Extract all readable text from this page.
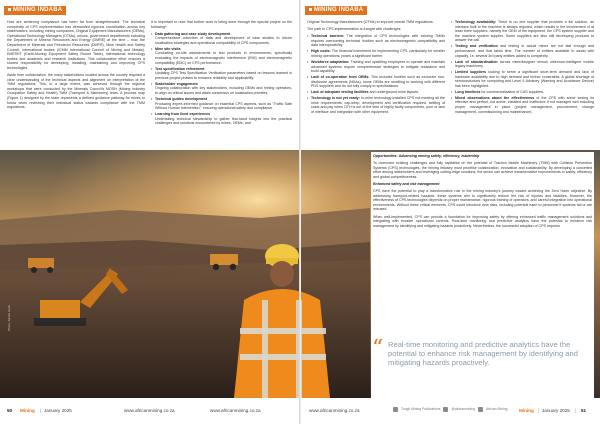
Photo: Adobe stock
MINING INDABA

How are achieving compliance has been far from straightforward. The technical complexity of CPS implementation has demanded rigorous coordination across key stakeholders, including mining companies, Original Equipment Manufacturers (OEMs), Operational Technology Managers (OTMs), unions, government departments including the Department of Mineral Resources and Energy (DMRE) at the time – now, the Department of Minerals and Petroleum Resources (DMPR), Mine Health and Safety Council, international bodies (ICMM International Council of Mining and Metals), EMESRT (Earth-Moving Equipment Safety Round Table), international technology bodies and academic and research institutions. This collaborative effort ensures a shared responsibility for developing, installing, maintaining and improving CPS technologies.

Aside from collaboration, the many stakeholders located across the country required a clear understanding of the technical aspects and alignment on interpretation of the TMM regulations. This, to a large extent, was achieved through the regional workshops that were conducted by the Minerals Council's MOSH (Mining Industry Occupation Safety and Health) TMM (Transport & Machinery) team. A process map (Figure 1) designed by the team represents a defined guidance pathway for mines to follow when reviewing their individual status towards compliance with the TMM regulations.

It is important to note that further work is being done through the special project on the following*:

• Data gathering and case study development
Comprehensive collection of data and development of case studies to inform localisation strategies and operational compatibility of CPS components.
• Mine site visits
Conducting on-site assessments to test products in environments, specifically evaluating the impacts of electromagnetic interference (EMI) and electromagnetic compatibility (EMC) on CPS performance.
• Test specification refinement
Updating CPS Test Specification Verification parameters based on lessons learned in previous project phases to enhance reliability and applicability.
• Stakeholder engagement
Ongoing collaboration with key stakeholders, including OEMs and mining operators, to align on critical issues and attain consensus on localisation priorities.
• Technical guides development
Producing expert-informed guidance on essential CPS aspects, such as "Traffic Safe Without Human Intervention," ensuring operational safety and compliance.
• Learning from lived experiences
Undertaking technical stewardship to gather first-hand insights into the practical challenges and solutions encountered by mines, OEMs, and
50 Mining | January 2025	www.africanmining.co.za	www.africanmining.co.za
MINING INDABA

Original Technology Manufacturers (OTMs) to improve overall TMM regulations.

The path to CPS implementation is fraught with challenges:

• Technical barriers: The integration of CPS technologies with existing TMMs requires overcoming technical hurdles such as electromagnetic compatibility and data interoperability.
• High costs: The financial investment for implementing CPS, particularly for smaller mining operations, poses a significant barrier.
• Workforce adaptation: Training and upskilling employees to operate and maintain advanced systems require comprehensive strategies to mitigate resistance and build capability.
• Lack of co-operation from OEMs: This includes hurdles such as exclusive non-disclosure agreements (NDAs), some OEMs are unwilling to working with different PDS suppliers and do not fully comply to specifications.
• Lack of adequate testing facilities and underground mine layouts.
• Technology is not yet ready: In-mine technology installed CPS not meeting all the mine requirements, cap-keep, development and certification required, settling of costs and pay when OTH is out of the time of highly faulty components, poor or lack of interface and integration with other equipment.
• Technology availability: There is no one supplier that provides a full solution, an interface built to the machine is always required, which results in the involvement of at least three suppliers, namely the OEM of the equipment, the CPS system supplier and the machine system supplier. Some suppliers are also still developing products to answer the call.
• Testing and verification and testing in actual mines are not fast enough and performance, and that takes time. The number of entities available to assist with capacity, i.e. several 3rd party entities added to complexity.
• Lack of standardisation across mine/designer versus older/non-intelligent mobile legacy machinery.
• Limited suppliers looking to serve a significant short-term demand and lack of hardware availability due to high demand and further constraints. A global shortage of semiconductors for computing and Level 9 Advisory (Warning and Avoidance Device) has been highlighted.
• Long timelines for commercialisation of CAS suppliers.
• Mixed observations about the effectiveness of the CPS with some seeing its effective and perfect, not active, installed and ineffective if not managed well including proper management in place (project management, procurement, change management, commissioning and maintenance).
www.africanmining.co.za	Tough Mining Publications	@africanmining	African Mining	Mining | January 2025 | 51

Opportunities: Advancing mining safety, efficiency, leadership

To overcome existing challenges and fully capitalise on the potential of Traction Mobile Machinery (TMM) with Collision Prevention Systems (CPS) technologies, the mining industry must prioritise collaboration, innovation and sustainability. By developing a concerted effort among stakeholders and leveraging cutting-edge solutions, the sector can achieve transformative improvements in safety, efficiency and global competitiveness.

Enhanced safety and risk management

CPS have the potential to play a transformative role in the mining industry's journey toward achieving the Zero Harm objective. By addressing transport-related hazards, these systems aim to significantly reduce the risk of injuries and fatalities. However, the effectiveness of CPS technologies depends on proper maintenance, rigorous training of operators, and careful integration into operational environments. Without these critical elements, CPS could introduce new risks, including potential harm to personnel if systems fail or are misused.

When well-implemented, CPS can provide a foundation for improving safety by offering enhanced traffic management solutions and integrating with broader operational controls. Real-time monitoring and predictive analytics have the potential to enhance risk management by identifying and mitigating hazards proactively. Nevertheless, the successful adoption of CPS requires

“ Real-time monitoring and predictive analytics have the potential to enhance risk management by identifying and mitigating hazards proactively.
